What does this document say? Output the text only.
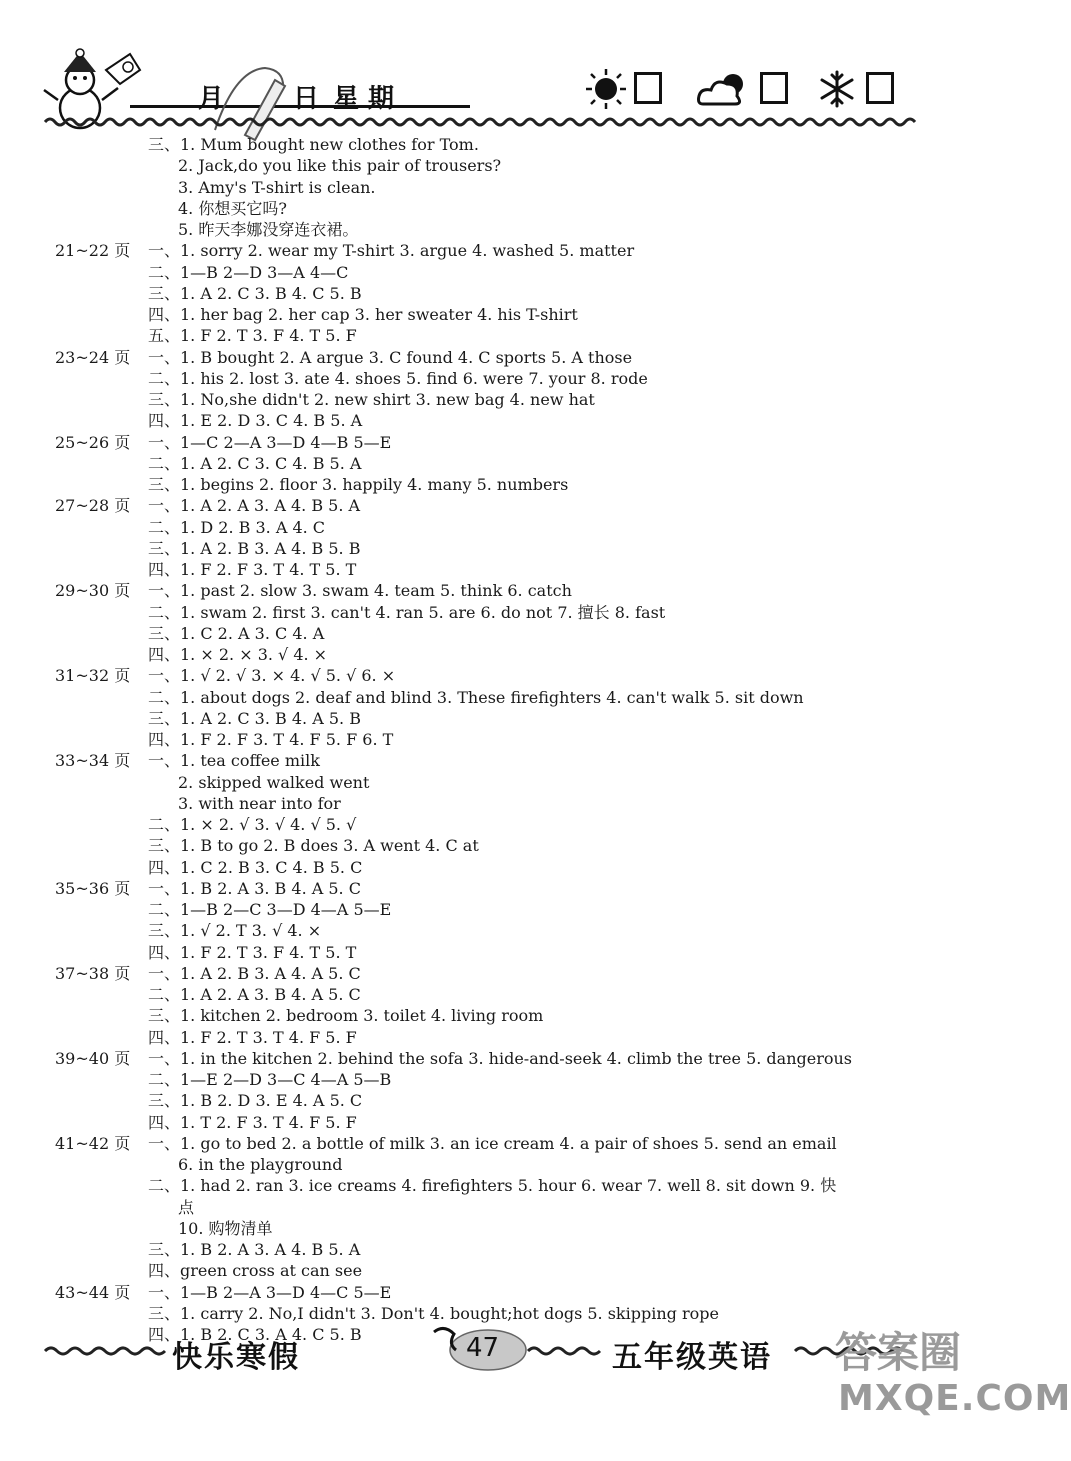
月	日 星 期
三、1. Mum bought new clothes for Tom.
2. Jack,do you like this pair of trousers?
3. Amy's T-shirt is clean.
4. 你想买它吗?
5. 昨天李娜没穿连衣裙。
21~22 页 一、1. sorry 2. wear my T-shirt 3. argue 4. washed 5. matter
二、1—B 2—D 3—A 4—C
三、1. A 2. C 3. B 4. C 5. B
四、1. her bag 2. her cap 3. her sweater 4. his T-shirt
五、1. F 2. T 3. F 4. T 5. F
23~24 页 一、1. B bought 2. A argue 3. C found 4. C sports 5. A those
二、1. his 2. lost 3. ate 4. shoes 5. find 6. were 7. your 8. rode
三、1. No,she didn't 2. new shirt 3. new bag 4. new hat
四、1. E 2. D 3. C 4. B 5. A
25~26 页 一、1—C 2—A 3—D 4—B 5—E
二、1. A 2. C 3. C 4. B 5. A
三、1. begins 2. floor 3. happily 4. many 5. numbers
27~28 页 一、1. A 2. A 3. A 4. B 5. A
二、1. D 2. B 3. A 4. C
三、1. A 2. B 3. A 4. B 5. B
四、1. F 2. F 3. T 4. T 5. T
29~30 页 一、1. past 2. slow 3. swam 4. team 5. think 6. catch
二、1. swam 2. first 3. can't 4. ran 5. are 6. do not 7. 擅长 8. fast
三、1. C 2. A 3. C 4. A
四、1. × 2. × 3. √ 4. ×
31~32 页 一、1. √ 2. √ 3. × 4. √ 5. √ 6. ×
二、1. about dogs 2. deaf and blind 3. These firefighters 4. can't walk 5. sit down
三、1. A 2. C 3. B 4. A 5. B
四、1. F 2. F 3. T 4. F 5. F 6. T
33~34 页 一、1. tea coffee milk
2. skipped walked went
3. with near into for
二、1. × 2. √ 3. √ 4. √ 5. √
三、1. B to go 2. B does 3. A went 4. C at
四、1. C 2. B 3. C 4. B 5. C
35~36 页 一、1. B 2. A 3. B 4. A 5. C
二、1—B 2—C 3—D 4—A 5—E
三、1. √ 2. T 3. √ 4. ×
四、1. F 2. T 3. F 4. T 5. T
37~38 页 一、1. A 2. B 3. A 4. A 5. C
二、1. A 2. A 3. B 4. A 5. C
三、1. kitchen 2. bedroom 3. toilet 4. living room
四、1. F 2. T 3. T 4. F 5. F
39~40 页 一、1. in the kitchen 2. behind the sofa 3. hide-and-seek 4. climb the tree 5. dangerous
二、1—E 2—D 3—C 4—A 5—B
三、1. B 2. D 3. E 4. A 5. C
四、1. T 2. F 3. T 4. F 5. F
41~42 页 一、1. go to bed 2. a bottle of milk 3. an ice cream 4. a pair of shoes 5. send an email
6. in the playground
二、1. had 2. ran 3. ice creams 4. firefighters 5. hour 6. wear 7. well 8. sit down 9. 快
点
10. 购物清单
三、1. B 2. A 3. A 4. B 5. A
四、green cross at can see
43~44 页 一、1—B 2—A 3—D 4—C 5—E
三、1. carry 2. No,I didn't 3. Don't 4. bought;hot dogs 5. skipping rope
四、1. B 2. C 3. A 4. C 5. B
快乐寒假	47	五年级英语 答案圈
MXQE.COM
